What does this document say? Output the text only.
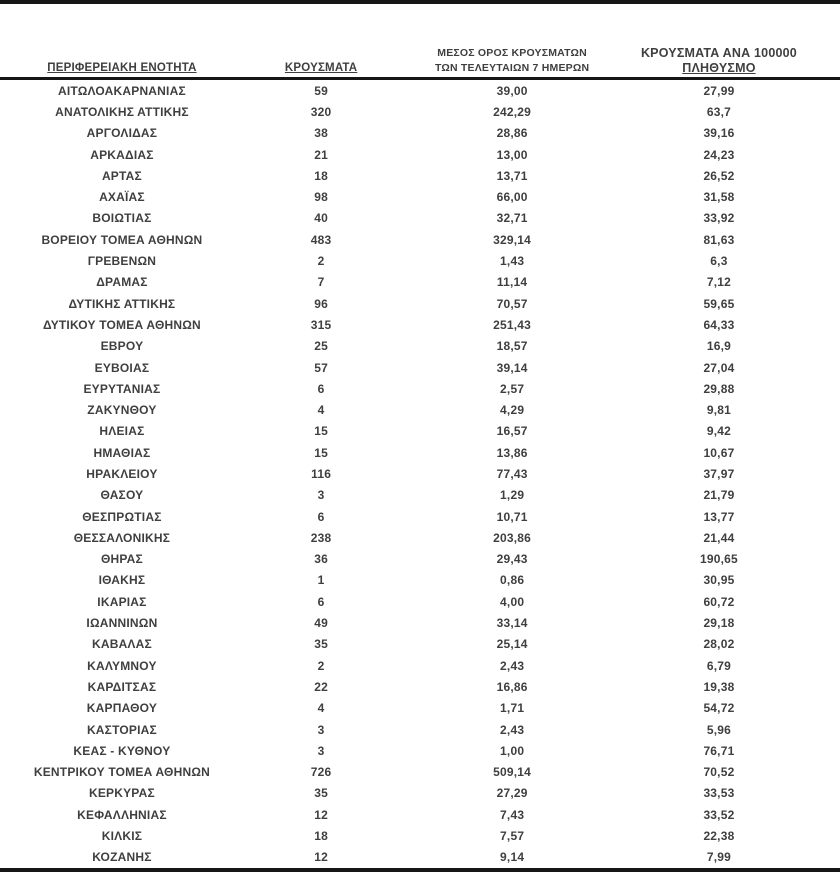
ΠΕΡΙΦΕΡΕΙΑΚΗ ΕΝΟΤΗΤΑ	ΚΡΟΥΣΜΑΤΑ	ΜΕΣΟΣ ΟΡΟΣ ΚΡΟΥΣΜΑΤΩΝ
ΤΩΝ ΤΕΛΕΥΤΑΙΩΝ 7 ΗΜΕΡΩΝ	ΚΡΟΥΣΜΑΤΑ ΑΝΑ 100000
ΠΛΗΘΥΣΜΟ

ΑΙΤΩΛΟΑΚΑΡΝΑΝΙΑΣ	59	39,00	27,99
ΑΝΑΤΟΛΙΚΗΣ ΑΤΤΙΚΗΣ	320	242,29	63,7
ΑΡΓΟΛΙΔΑΣ	38	28,86	39,16
ΑΡΚΑΔΙΑΣ	21	13,00	24,23
ΑΡΤΑΣ	18	13,71	26,52
ΑΧΑΪΑΣ	98	66,00	31,58
ΒΟΙΩΤΙΑΣ	40	32,71	33,92
ΒΟΡΕΙΟΥ ΤΟΜΕΑ ΑΘΗΝΩΝ	483	329,14	81,63
ΓΡΕΒΕΝΩΝ	2	1,43	6,3
ΔΡΑΜΑΣ	7	11,14	7,12
ΔΥΤΙΚΗΣ ΑΤΤΙΚΗΣ	96	70,57	59,65
ΔΥΤΙΚΟΥ ΤΟΜΕΑ ΑΘΗΝΩΝ	315	251,43	64,33
ΕΒΡΟΥ	25	18,57	16,9
ΕΥΒΟΙΑΣ	57	39,14	27,04
ΕΥΡΥΤΑΝΙΑΣ	6	2,57	29,88
ΖΑΚΥΝΘΟΥ	4	4,29	9,81
ΗΛΕΙΑΣ	15	16,57	9,42
ΗΜΑΘΙΑΣ	15	13,86	10,67
ΗΡΑΚΛΕΙΟΥ	116	77,43	37,97
ΘΑΣΟΥ	3	1,29	21,79
ΘΕΣΠΡΩΤΙΑΣ	6	10,71	13,77
ΘΕΣΣΑΛΟΝΙΚΗΣ	238	203,86	21,44
ΘΗΡΑΣ	36	29,43	190,65
ΙΘΑΚΗΣ	1	0,86	30,95
ΙΚΑΡΙΑΣ	6	4,00	60,72
ΙΩΑΝΝΙΝΩΝ	49	33,14	29,18
ΚΑΒΑΛΑΣ	35	25,14	28,02
ΚΑΛΥΜΝΟΥ	2	2,43	6,79
ΚΑΡΔΙΤΣΑΣ	22	16,86	19,38
ΚΑΡΠΑΘΟΥ	4	1,71	54,72
ΚΑΣΤΟΡΙΑΣ	3	2,43	5,96
ΚΕΑΣ - ΚΥΘΝΟΥ	3	1,00	76,71
ΚΕΝΤΡΙΚΟΥ ΤΟΜΕΑ ΑΘΗΝΩΝ	726	509,14	70,52
ΚΕΡΚΥΡΑΣ	35	27,29	33,53
ΚΕΦΑΛΛΗΝΙΑΣ	12	7,43	33,52
ΚΙΛΚΙΣ	18	7,57	22,38
ΚΟΖΑΝΗΣ	12	9,14	7,99
